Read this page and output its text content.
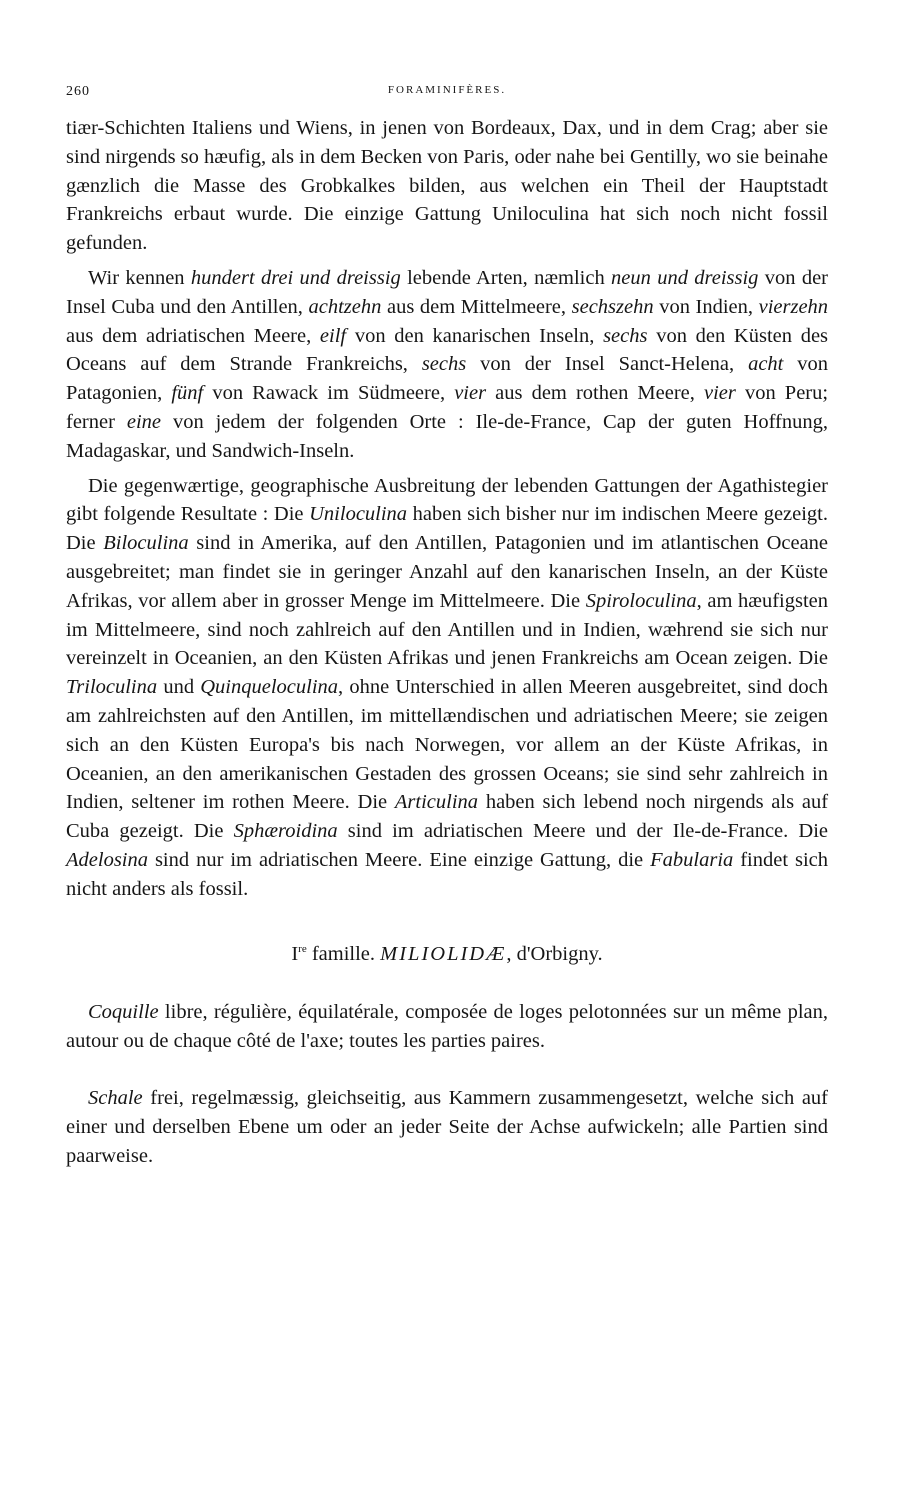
260	FORAMINIFÈRES.

tiær-Schichten Italiens und Wiens, in jenen von Bordeaux, Dax, und in dem Crag; aber sie sind nirgends so hæufig, als in dem Becken von Paris, oder nahe bei Gentilly, wo sie beinahe gænzlich die Masse des Grobkalkes bilden, aus welchen ein Theil der Hauptstadt Frankreichs erbaut wurde. Die einzige Gattung Uniloculina hat sich noch nicht fossil gefunden.

Wir kennen hundert drei und dreissig lebende Arten, næmlich neun und dreissig von der Insel Cuba und den Antillen, achtzehn aus dem Mittelmeere, sechszehn von Indien, vierzehn aus dem adriatischen Meere, eilf von den kanarischen Inseln, sechs von den Küsten des Oceans auf dem Strande Frankreichs, sechs von der Insel Sanct-Helena, acht von Patagonien, fünf von Rawack im Südmeere, vier aus dem rothen Meere, vier von Peru; ferner eine von jedem der folgenden Orte : Ile-de-France, Cap der guten Hoffnung, Madagaskar, und Sandwich-Inseln.

Die gegenwærtige, geographische Ausbreitung der lebenden Gattungen der Agathistegier gibt folgende Resultate : Die Uniloculina haben sich bisher nur im indischen Meere gezeigt. Die Biloculina sind in Amerika, auf den Antillen, Patagonien und im atlantischen Oceane ausgebreitet; man findet sie in geringer Anzahl auf den kanarischen Inseln, an der Küste Afrikas, vor allem aber in grosser Menge im Mittelmeere. Die Spiroloculina, am hæufigsten im Mittelmeere, sind noch zahlreich auf den Antillen und in Indien, wæhrend sie sich nur vereinzelt in Oceanien, an den Küsten Afrikas und jenen Frankreichs am Ocean zeigen. Die Triloculina und Quinqueloculina, ohne Unterschied in allen Meeren ausgebreitet, sind doch am zahlreichsten auf den Antillen, im mittellændischen und adriatischen Meere; sie zeigen sich an den Küsten Europa's bis nach Norwegen, vor allem an der Küste Afrikas, in Oceanien, an den amerikanischen Gestaden des grossen Oceans; sie sind sehr zahlreich in Indien, seltener im rothen Meere. Die Articulina haben sich lebend noch nirgends als auf Cuba gezeigt. Die Sphæroidina sind im adriatischen Meere und der Ile-de-France. Die Adelosina sind nur im adriatischen Meere. Eine einzige Gattung, die Fabularia findet sich nicht anders als fossil.

Ire famille. MILIOLIDÆ, d'Orbigny.

Coquille libre, régulière, équilatérale, composée de loges pelotonnées sur un même plan, autour ou de chaque côté de l'axe; toutes les parties paires.

Schale frei, regelmæssig, gleichseitig, aus Kammern zusammengesetzt, welche sich auf einer und derselben Ebene um oder an jeder Seite der Achse aufwickeln; alle Partien sind paarweise.
